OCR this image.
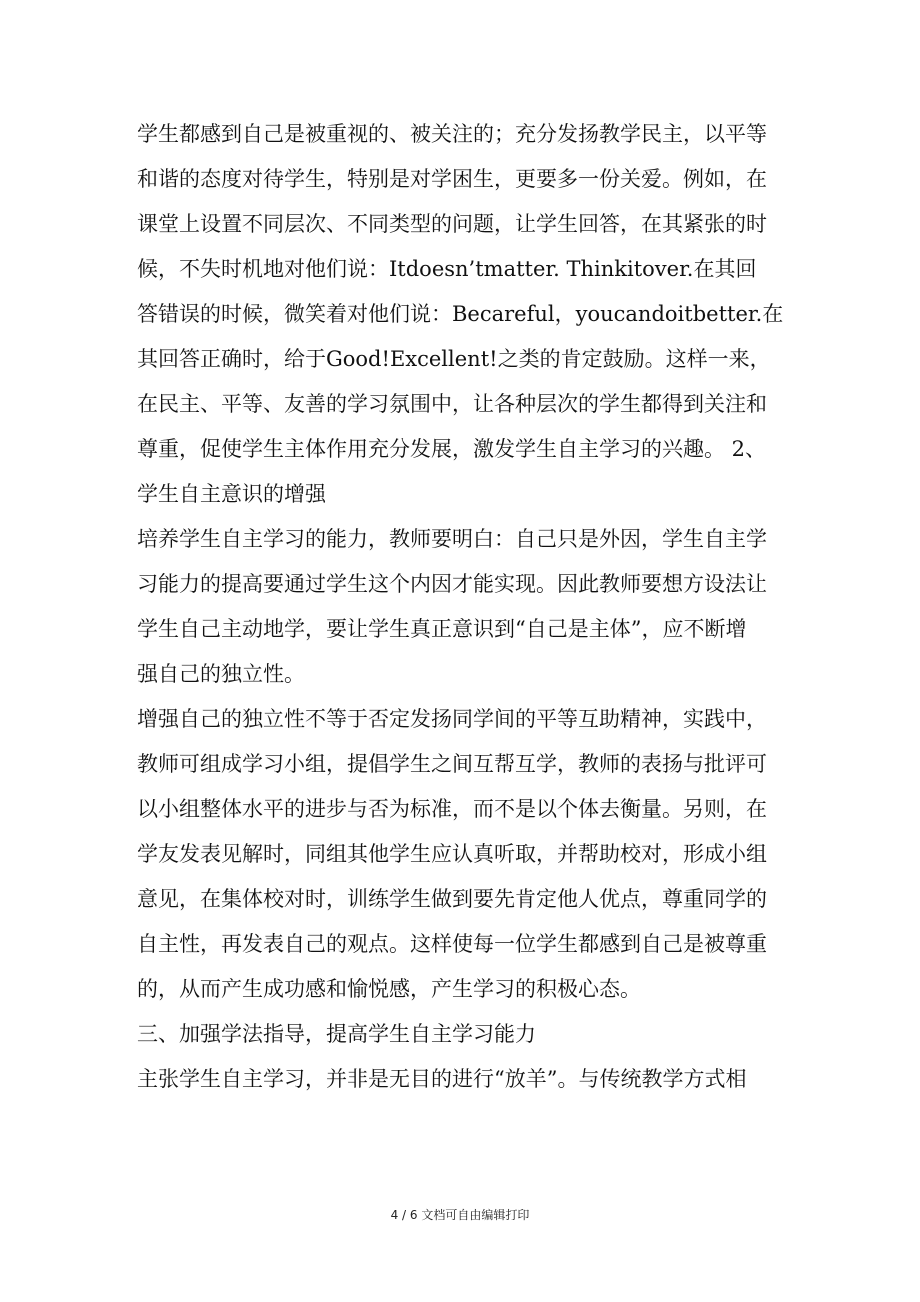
学生都感到自己是被重视的、被关注的；充分发扬教学民主，以平等
和谐的态度对待学生，特别是对学困生，更要多一份关爱。例如，在
课堂上设置不同层次、不同类型的问题，让学生回答，在其紧张的时
候，不失时机地对他们说：Itdoesn’tmatter. Thinkitover.在其回
答错误的时候，微笑着对他们说：Becareful，youcandoitbetter.在
其回答正确时，给于Good!Excellent!之类的肯定鼓励。这样一来，
在民主、平等、友善的学习氛围中，让各种层次的学生都得到关注和
尊重，促使学生主体作用充分发展，激发学生自主学习的兴趣。 2、
学生自主意识的增强
培养学生自主学习的能力，教师要明白：自己只是外因，学生自主学
习能力的提高要通过学生这个内因才能实现。因此教师要想方设法让
学生自己主动地学，要让学生真正意识到“自己是主体”，应不断增
强自己的独立性。
增强自己的独立性不等于否定发扬同学间的平等互助精神，实践中，
教师可组成学习小组，提倡学生之间互帮互学，教师的表扬与批评可
以小组整体水平的进步与否为标准，而不是以个体去衡量。另则，在
学友发表见解时，同组其他学生应认真听取，并帮助校对，形成小组
意见，在集体校对时，训练学生做到要先肯定他人优点，尊重同学的
自主性，再发表自己的观点。这样使每一位学生都感到自己是被尊重
的，从而产生成功感和愉悦感，产生学习的积极心态。
三、加强学法指导，提高学生自主学习能力
主张学生自主学习，并非是无目的进行“放羊”。与传统教学方式相
4 / 6 文档可自由编辑打印
